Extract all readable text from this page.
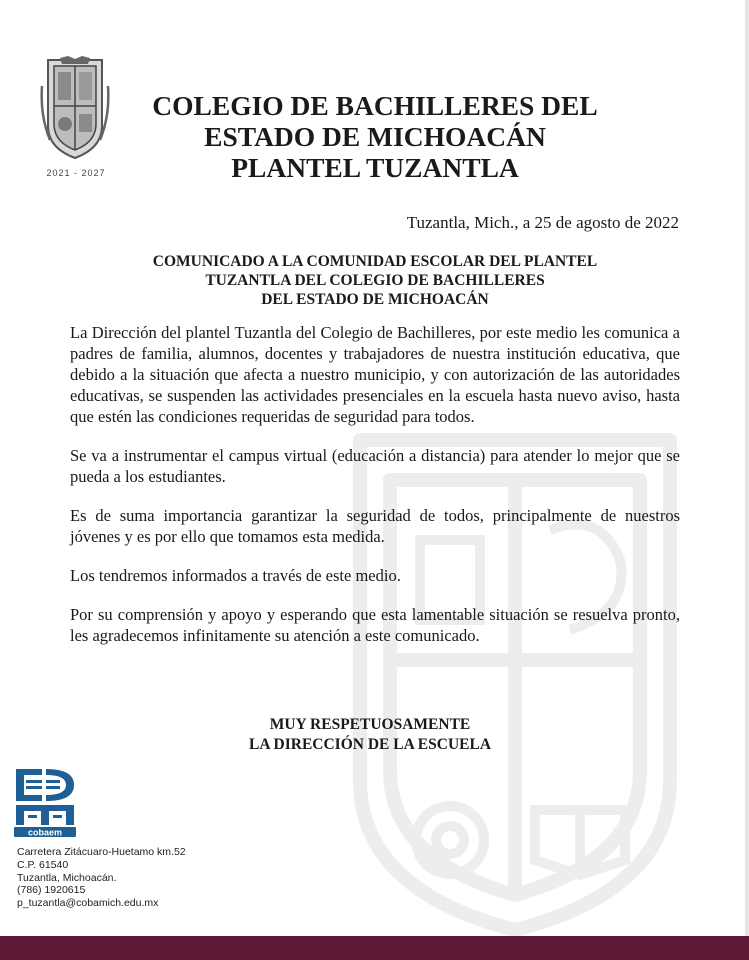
2021 - 2027
COLEGIO DE BACHILLERES DEL
ESTADO DE MICHOACÁN
PLANTEL TUZANTLA
Tuzantla, Mich., a 25 de agosto de 2022
COMUNICADO A LA COMUNIDAD ESCOLAR DEL PLANTEL
TUZANTLA DEL COLEGIO DE BACHILLERES
DEL ESTADO DE MICHOACÁN

La Dirección del plantel Tuzantla del Colegio de Bachilleres, por este medio les comunica a padres de familia, alumnos, docentes y trabajadores de nuestra institución educativa, que debido a la situación que afecta a nuestro municipio, y con autorización de las autoridades educativas, se suspenden las actividades presenciales en la escuela hasta nuevo aviso, hasta que estén las condiciones requeridas de seguridad para todos.

Se va a instrumentar el campus virtual (educación a distancia) para atender lo mejor que se pueda a los estudiantes.

Es de suma importancia garantizar la seguridad de todos, principalmente de nuestros jóvenes y es por ello que tomamos esta medida.

Los tendremos informados a través de este medio.

Por su comprensión y apoyo y esperando que esta lamentable situación se resuelva pronto, les agradecemos infinitamente su atención a este comunicado.

MUY RESPETUOSAMENTE
LA DIRECCIÓN DE LA ESCUELA
cobaem
Carretera Zitácuaro-Huetamo km.52
C.P. 61540
Tuzantla, Michoacán.
(786) 1920615
p_tuzantla@cobamich.edu.mx
